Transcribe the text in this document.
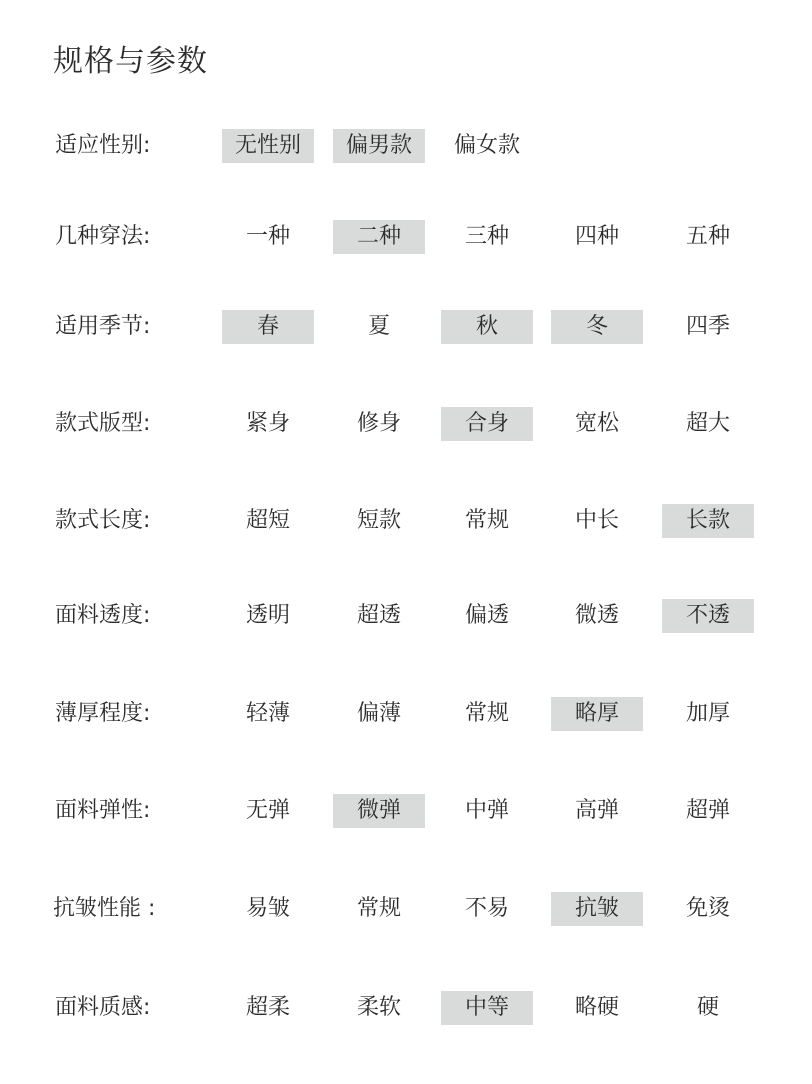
规格与参数
适应性别:	无性别	偏男款	偏女款
几种穿法:	一种	二种	三种	四种	五种
适用季节:	春	夏	秋	冬	四季
款式版型:	紧身	修身	合身	宽松	超大
款式长度:	超短	短款	常规	中长	长款
面料透度:	透明	超透	偏透	微透	不透
薄厚程度:	轻薄	偏薄	常规	略厚	加厚
面料弹性:	无弹	微弹	中弹	高弹	超弹
抗皱性能 :	易皱	常规	不易	抗皱	免烫
面料质感:	超柔	柔软	中等	略硬	硬
